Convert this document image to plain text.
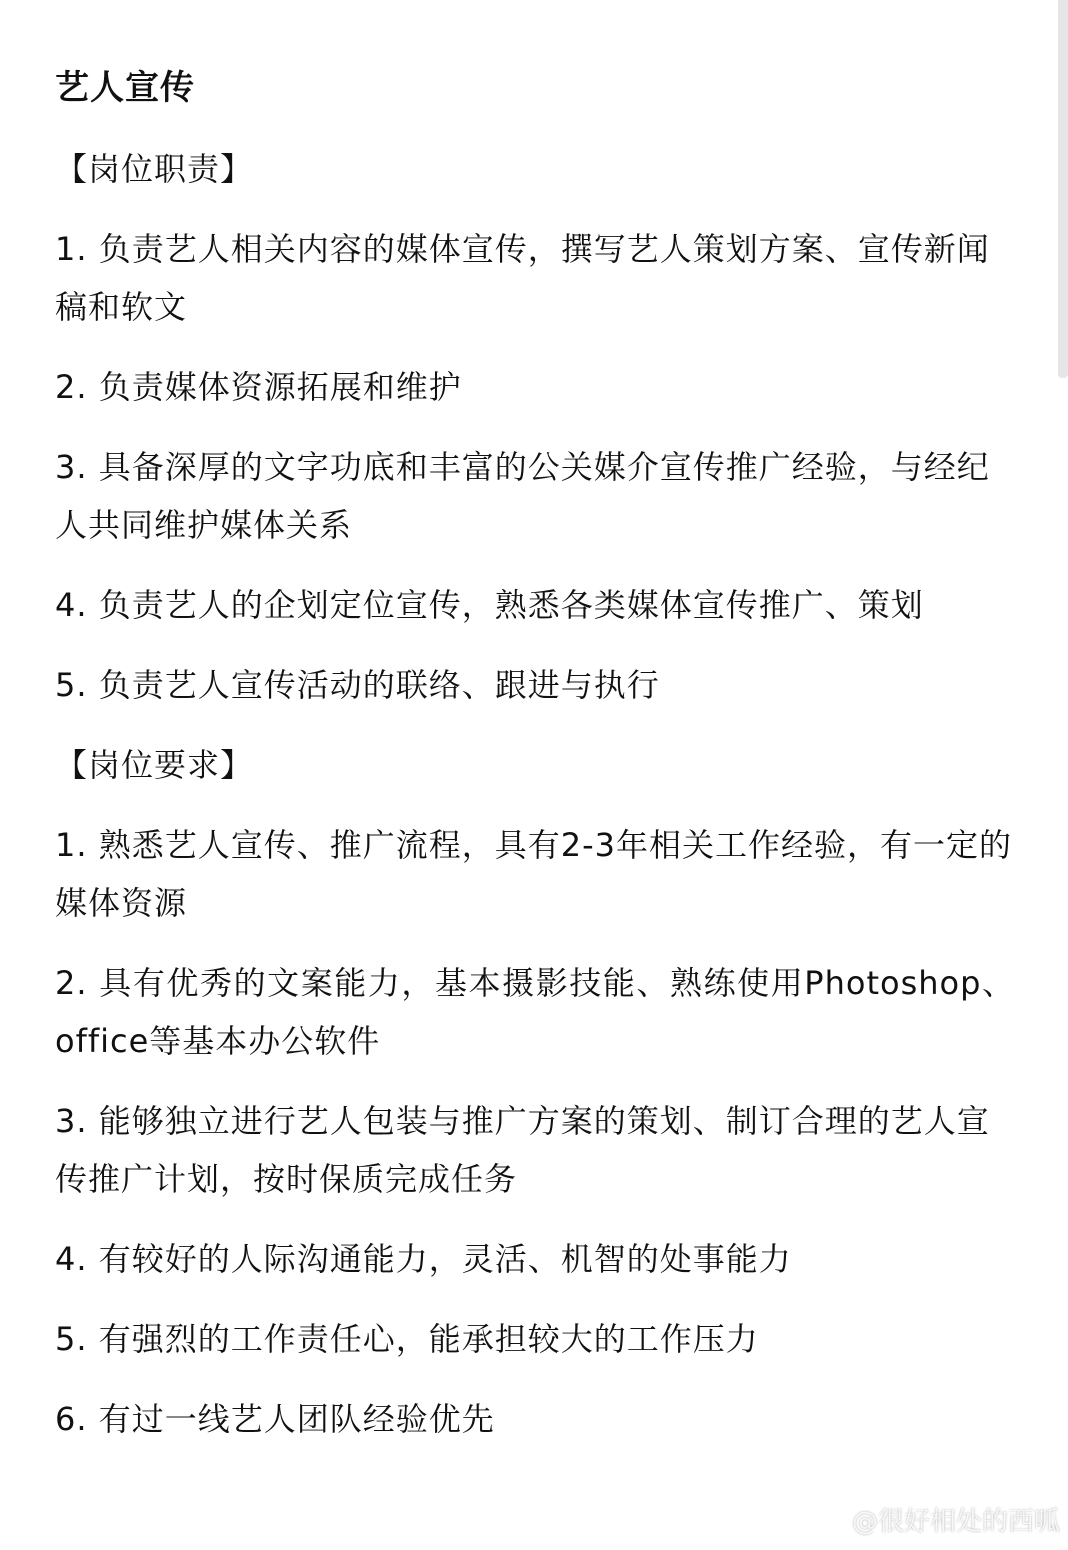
艺人宣传

【岗位职责】

1. 负责艺人相关内容的媒体宣传，撰写艺人策划方案、宣传新闻稿和软文

2. 负责媒体资源拓展和维护

3. 具备深厚的文字功底和丰富的公关媒介宣传推广经验，与经纪人共同维护媒体关系

4. 负责艺人的企划定位宣传，熟悉各类媒体宣传推广、策划

5. 负责艺人宣传活动的联络、跟进与执行

【岗位要求】

1. 熟悉艺人宣传、推广流程，具有2-3年相关工作经验，有一定的媒体资源

2. 具有优秀的文案能力，基本摄影技能、熟练使用Photoshop、office等基本办公软件

3. 能够独立进行艺人包装与推广方案的策划、制订合理的艺人宣传推广计划，按时保质完成任务

4. 有较好的人际沟通能力，灵活、机智的处事能力

5. 有强烈的工作责任心，能承担较大的工作压力

6. 有过一线艺人团队经验优先

@很好相处的西呱
